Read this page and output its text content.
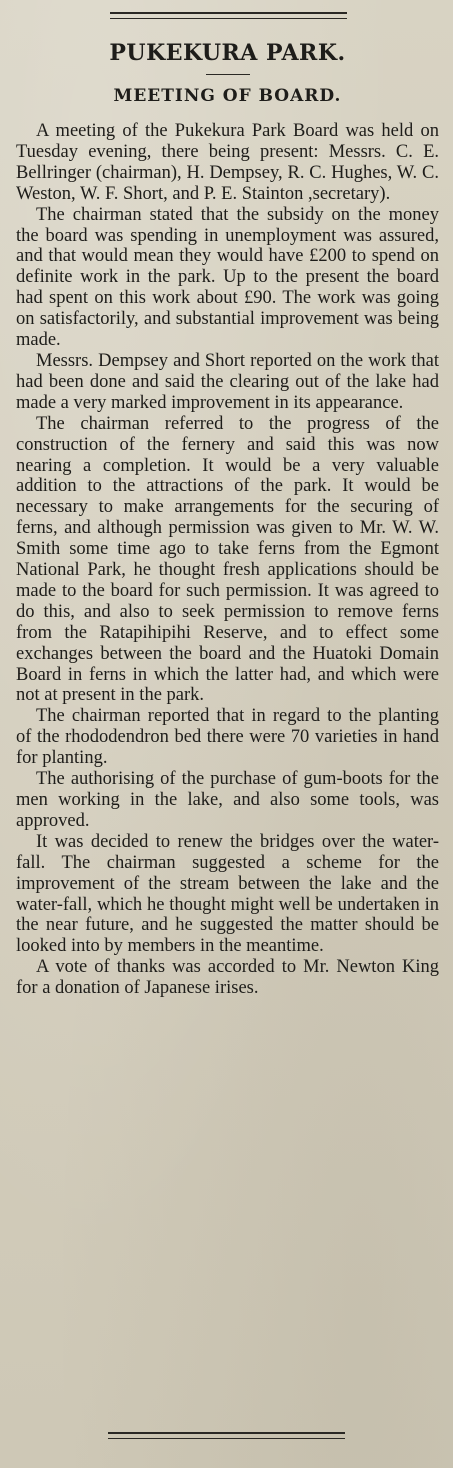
PUKEKURA PARK.
MEETING OF BOARD.

A meeting of the Pukekura Park Board was held on Tuesday evening, there being present: Messrs. C. E. Bellringer (chairman), H. Dempsey, R. C. Hughes, W. C. Weston, W. F. Short, and P. E. Stainton ,secretary).

The chairman stated that the subsidy on the money the board was spending in unemployment was assured, and that would mean they would have £200 to spend on definite work in the park. Up to the present the board had spent on this work about £90. The work was going on satisfactorily, and substantial improvement was being made.

Messrs. Dempsey and Short reported on the work that had been done and said the clearing out of the lake had made a very marked improvement in its appearance.

The chairman referred to the progress of the construction of the fernery and said this was now nearing a completion. It would be a very valuable addition to the attractions of the park. It would be necessary to make arrangements for the securing of ferns, and although permission was given to Mr. W. W. Smith some time ago to take ferns from the Egmont National Park, he thought fresh applications should be made to the board for such permission. It was agreed to do this, and also to seek permission to remove ferns from the Ratapihipihi Reserve, and to effect some exchanges between the board and the Huatoki Domain Board in ferns in which the latter had, and which were not at present in the park.

The chairman reported that in regard to the planting of the rhododendron bed there were 70 varieties in hand for planting.

The authorising of the purchase of gum-boots for the men working in the lake, and also some tools, was approved.

It was decided to renew the bridges over the water-fall. The chairman suggested a scheme for the improvement of the stream between the lake and the water-fall, which he thought might well be undertaken in the near future, and he suggested the matter should be looked into by members in the meantime.

A vote of thanks was accorded to Mr. Newton King for a donation of Japanese irises.
